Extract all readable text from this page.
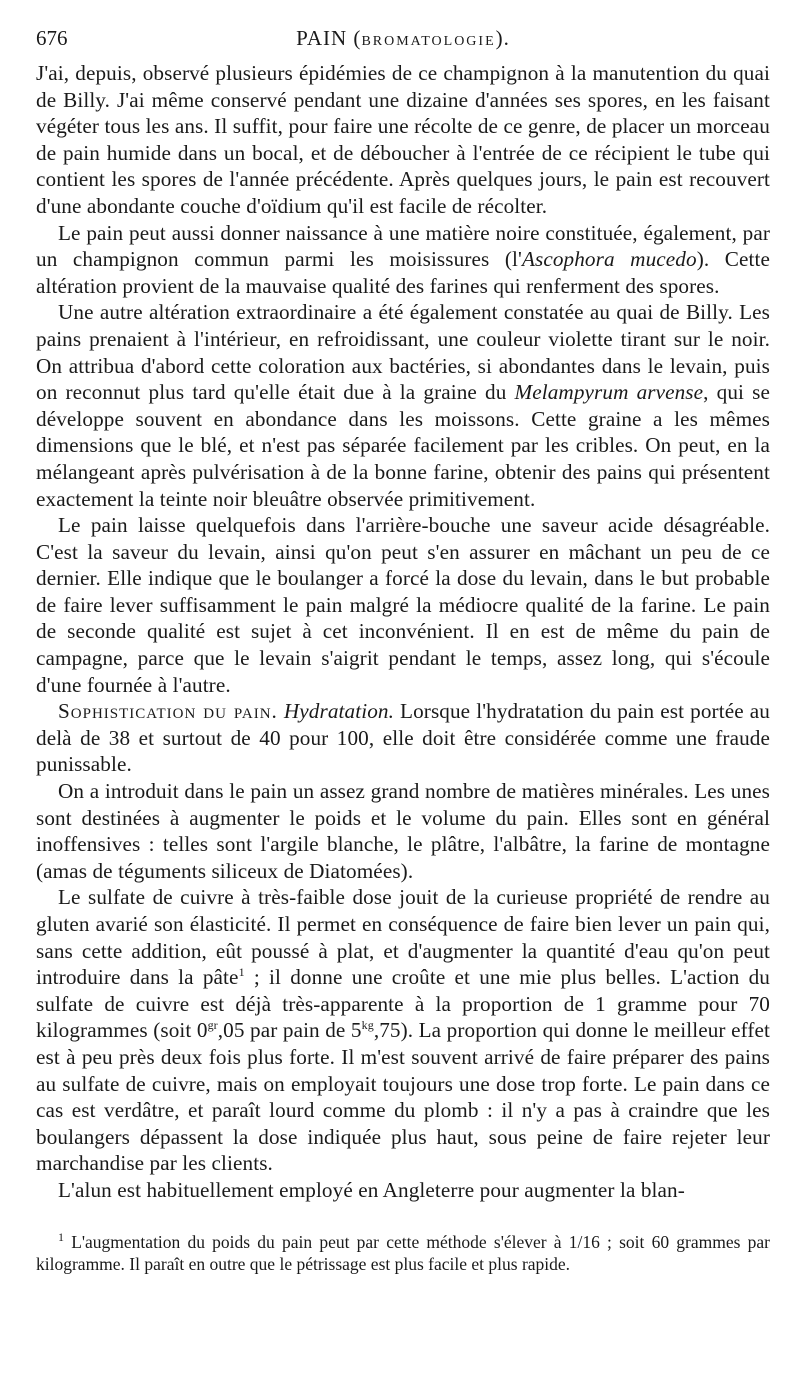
676	PAIN (BROMATOLOGIE).

J'ai, depuis, observé plusieurs épidémies de ce champignon à la manutention du quai de Billy. J'ai même conservé pendant une dizaine d'années ses spores, en les faisant végéter tous les ans. Il suffit, pour faire une récolte de ce genre, de placer un morceau de pain humide dans un bocal, et de déboucher à l'entrée de ce récipient le tube qui contient les spores de l'année précédente. Après quelques jours, le pain est recouvert d'une abondante couche d'oïdium qu'il est facile de récolter.

Le pain peut aussi donner naissance à une matière noire constituée, également, par un champignon commun parmi les moisissures (l'Ascophora mucedo). Cette altération provient de la mauvaise qualité des farines qui renferment des spores.

Une autre altération extraordinaire a été également constatée au quai de Billy. Les pains prenaient à l'intérieur, en refroidissant, une couleur violette tirant sur le noir. On attribua d'abord cette coloration aux bactéries, si abondantes dans le levain, puis on reconnut plus tard qu'elle était due à la graine du Melampyrum arvense, qui se développe souvent en abondance dans les moissons. Cette graine a les mêmes dimensions que le blé, et n'est pas séparée facilement par les cribles. On peut, en la mélangeant après pulvérisation à de la bonne farine, obtenir des pains qui présentent exactement la teinte noir bleuâtre observée primitivement.

Le pain laisse quelquefois dans l'arrière-bouche une saveur acide désagréable. C'est la saveur du levain, ainsi qu'on peut s'en assurer en mâchant un peu de ce dernier. Elle indique que le boulanger a forcé la dose du levain, dans le but probable de faire lever suffisamment le pain malgré la médiocre qualité de la farine. Le pain de seconde qualité est sujet à cet inconvénient. Il en est de même du pain de campagne, parce que le levain s'aigrit pendant le temps, assez long, qui s'écoule d'une fournée à l'autre.

Sophistication du pain. Hydratation. Lorsque l'hydratation du pain est portée au delà de 38 et surtout de 40 pour 100, elle doit être considérée comme une fraude punissable.

On a introduit dans le pain un assez grand nombre de matières minérales. Les unes sont destinées à augmenter le poids et le volume du pain. Elles sont en général inoffensives : telles sont l'argile blanche, le plâtre, l'albâtre, la farine de montagne (amas de téguments siliceux de Diatomées).

Le sulfate de cuivre à très-faible dose jouit de la curieuse propriété de rendre au gluten avarié son élasticité. Il permet en conséquence de faire bien lever un pain qui, sans cette addition, eût poussé à plat, et d'augmenter la quantité d'eau qu'on peut introduire dans la pâte$^1$ ; il donne une croûte et une mie plus belles. L'action du sulfate de cuivre est déjà très-apparente à la proportion de 1 gramme pour 70 kilogrammes (soit $0^{gr},05$ par pain de $5^{kg},75$). La proportion qui donne le meilleur effet est à peu près deux fois plus forte. Il m'est souvent arrivé de faire préparer des pains au sulfate de cuivre, mais on employait toujours une dose trop forte. Le pain dans ce cas est verdâtre, et paraît lourd comme du plomb : il n'y a pas à craindre que les boulangers dépassent la dose indiquée plus haut, sous peine de faire rejeter leur marchandise par les clients.

L'alun est habituellement employé en Angleterre pour augmenter la blan-

$^1$ L'augmentation du poids du pain peut par cette méthode s'élever à 1/16 ; soit 60 grammes par kilogramme. Il paraît en outre que le pétrissage est plus facile et plus rapide.
